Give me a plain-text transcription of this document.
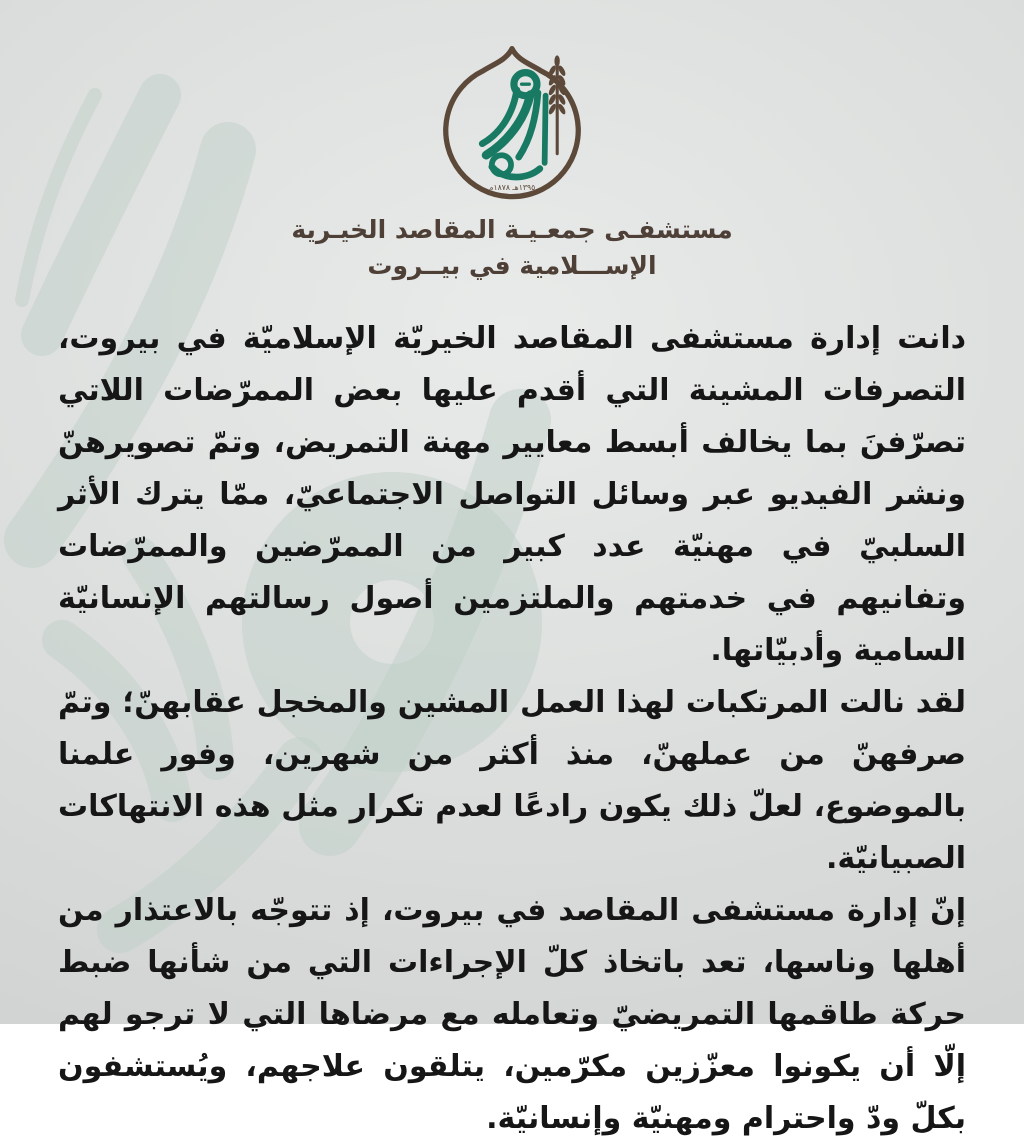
١٣٩٥هـ ١٨٧٨م
مستشفـى جمعـيـة المقاصد الخيـرية
الإســـلامية في بيــروت

دانت إدارة مستشفى المقاصد الخيريّة الإسلاميّة في بيروت، التصرفات المشينة التي أقدم عليها بعض الممرّضات اللاتي تصرّفنَ بما يخالف أبسط معايير مهنة التمريض، وتمّ تصويرهنّ ونشر الفيديو عبر وسائل التواصل الاجتماعيّ، ممّا يترك الأثر السلبيّ في مهنيّة عدد كبير من الممرّضين والممرّضات وتفانيهم في خدمتهم والملتزمين أصول رسالتهم الإنسانيّة السامية وأدبيّاتها.

لقد نالت المرتكبات لهذا العمل المشين والمخجل عقابهنّ؛ وتمّ صرفهنّ من عملهنّ، منذ أكثر من شهرين، وفور علمنا بالموضوع، لعلّ ذلك يكون رادعًا لعدم تكرار مثل هذه الانتهاكات الصبيانيّة.

إنّ إدارة مستشفى المقاصد في بيروت، إذ تتوجّه بالاعتذار من أهلها وناسها، تعد باتخاذ كلّ الإجراءات التي من شأنها ضبط حركة طاقمها التمريضيّ وتعامله مع مرضاها التي لا ترجو لهم إلّا أن يكونوا معزّزين مكرّمين، يتلقون علاجهم، ويُستشفون بكلّ ودّ واحترام ومهنيّة وإنسانيّة.
